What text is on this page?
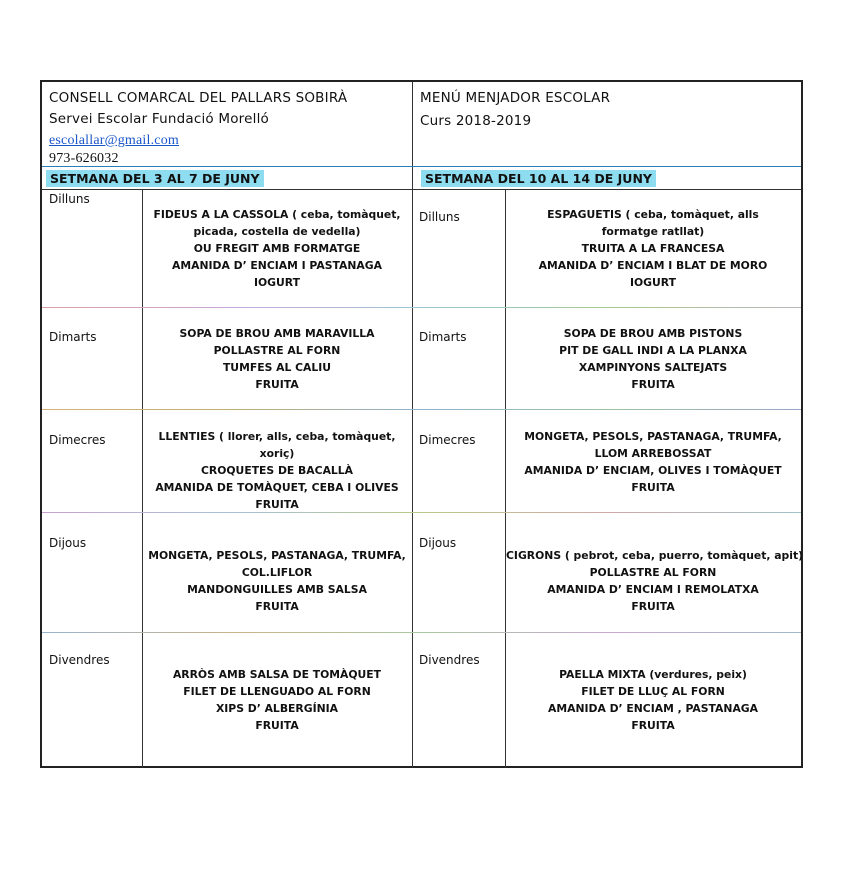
CONSELL COMARCAL DEL PALLARS SOBIRÀ
Servei Escolar Fundació Morelló
escolallar@gmail.com
973-626032
MENÚ MENJADOR ESCOLAR
Curs 2018-2019
SETMANA DEL 3 AL 7 DE JUNY	SETMANA DEL 10 AL 14 DE JUNY
Dilluns
Dimarts
Dimecres
Dijous
Divendres
Dilluns
Dimarts
Dimecres
Dijous
Divendres
FIDEUS A LA CASSOLA ( ceba, tomàquet,
picada, costella de vedella)
OU FREGIT AMB FORMATGE
AMANIDA D’ ENCIAM I PASTANAGA
IOGURT
SOPA DE BROU AMB MARAVILLA
POLLASTRE AL FORN
TUMFES AL CALIU
FRUITA
LLENTIES ( llorer, alls, ceba, tomàquet,
xoriç)
CROQUETES DE BACALLÀ
AMANIDA DE TOMÀQUET, CEBA I OLIVES
FRUITA
MONGETA, PESOLS, PASTANAGA, TRUMFA,
COL.LIFLOR
MANDONGUILLES AMB SALSA
FRUITA
ARRÒS AMB SALSA DE TOMÀQUET
FILET DE LLENGUADO AL FORN
XIPS D’ ALBERGÍNIA
FRUITA
ESPAGUETIS ( ceba, tomàquet, alls
formatge ratllat)
TRUITA A LA FRANCESA
AMANIDA D’ ENCIAM I BLAT DE MORO
IOGURT
SOPA DE BROU AMB PISTONS
PIT DE GALL INDI A LA PLANXA
XAMPINYONS SALTEJATS
FRUITA
MONGETA, PESOLS, PASTANAGA, TRUMFA,
LLOM ARREBOSSAT
AMANIDA D’ ENCIAM, OLIVES I TOMÀQUET
FRUITA
CIGRONS ( pebrot, ceba, puerro, tomàquet, apit)
POLLASTRE AL FORN
AMANIDA D’ ENCIAM I REMOLATXA
FRUITA
PAELLA MIXTA (verdures, peix)
FILET DE LLUÇ AL FORN
AMANIDA D’ ENCIAM , PASTANAGA
FRUITA
